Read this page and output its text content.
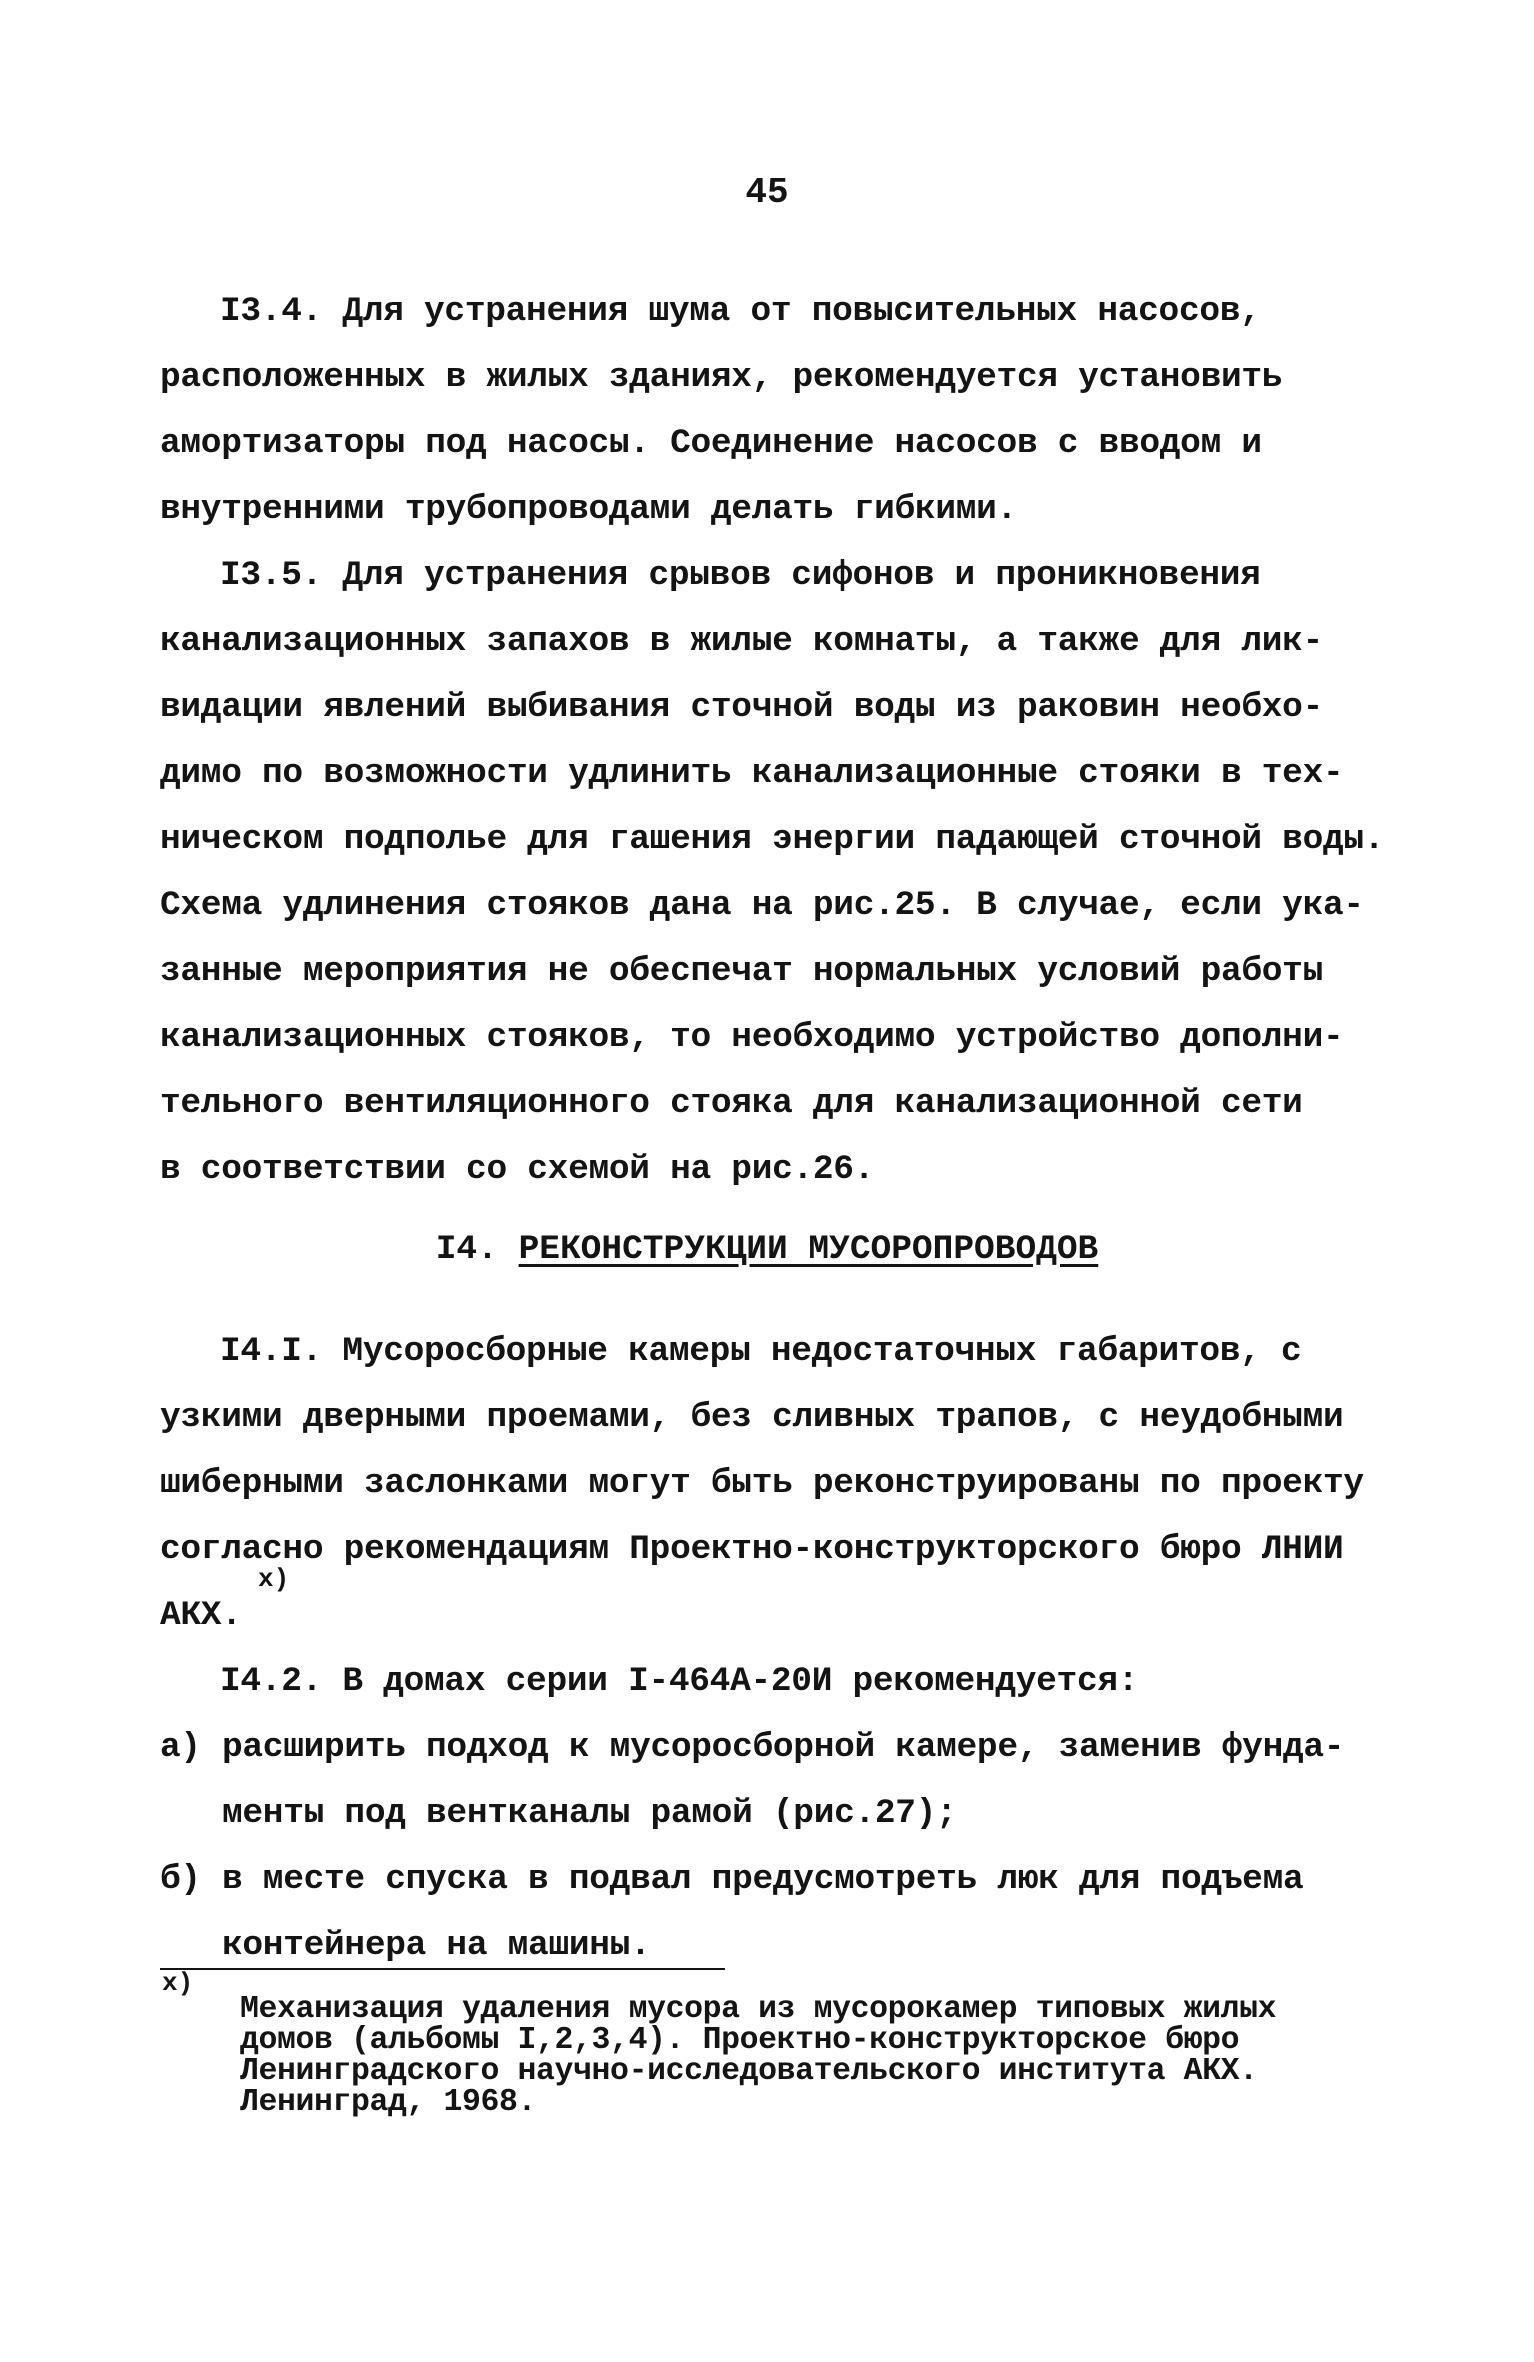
45
I3.4. Для устранения шума от повысительных насосов,
расположенных в жилых зданиях, рекомендуется установить
амортизаторы под насосы. Соединение насосов с вводом и
внутренними трубопроводами делать гибкими.
I3.5. Для устранения срывов сифонов и проникновения
канализационных запахов в жилые комнаты, а также для лик-
видации явлений выбивания сточной воды из раковин необхо-
димо по возможности удлинить канализационные стояки в тех-
ническом подполье для гашения энергии падающей сточной воды.
Схема удлинения стояков дана на рис.25. В случае, если ука-
занные мероприятия не обеспечат нормальных условий работы
канализационных стояков, то необходимо устройство дополни-
тельного вентиляционного стояка для канализационной сети
в соответствии со схемой на рис.26.
I4. РЕКОНСТРУКЦИИ МУСОРОПРОВОДОВ
I4.I. Мусоросборные камеры недостаточных габаритов, с
узкими дверными проемами, без сливных трапов, с неудобными
шиберными заслонками могут быть реконструированы по проекту
согласно рекомендациям Проектно-конструкторского бюро ЛНИИ
x)
АКХ.
I4.2. В домах серии I-464А-20И рекомендуется:
а) расширить подход к мусоросборной камере, заменив фунда-
менты под вентканалы рамой (рис.27);
б) в месте спуска в подвал предусмотреть люк для подъема
контейнера на машины.
x)
Механизация удаления мусора из мусорокамер типовых жилых
домов (альбомы I,2,3,4). Проектно-конструкторское бюро
Ленинградского научно-исследовательского института АКХ.
Ленинград, 1968.
